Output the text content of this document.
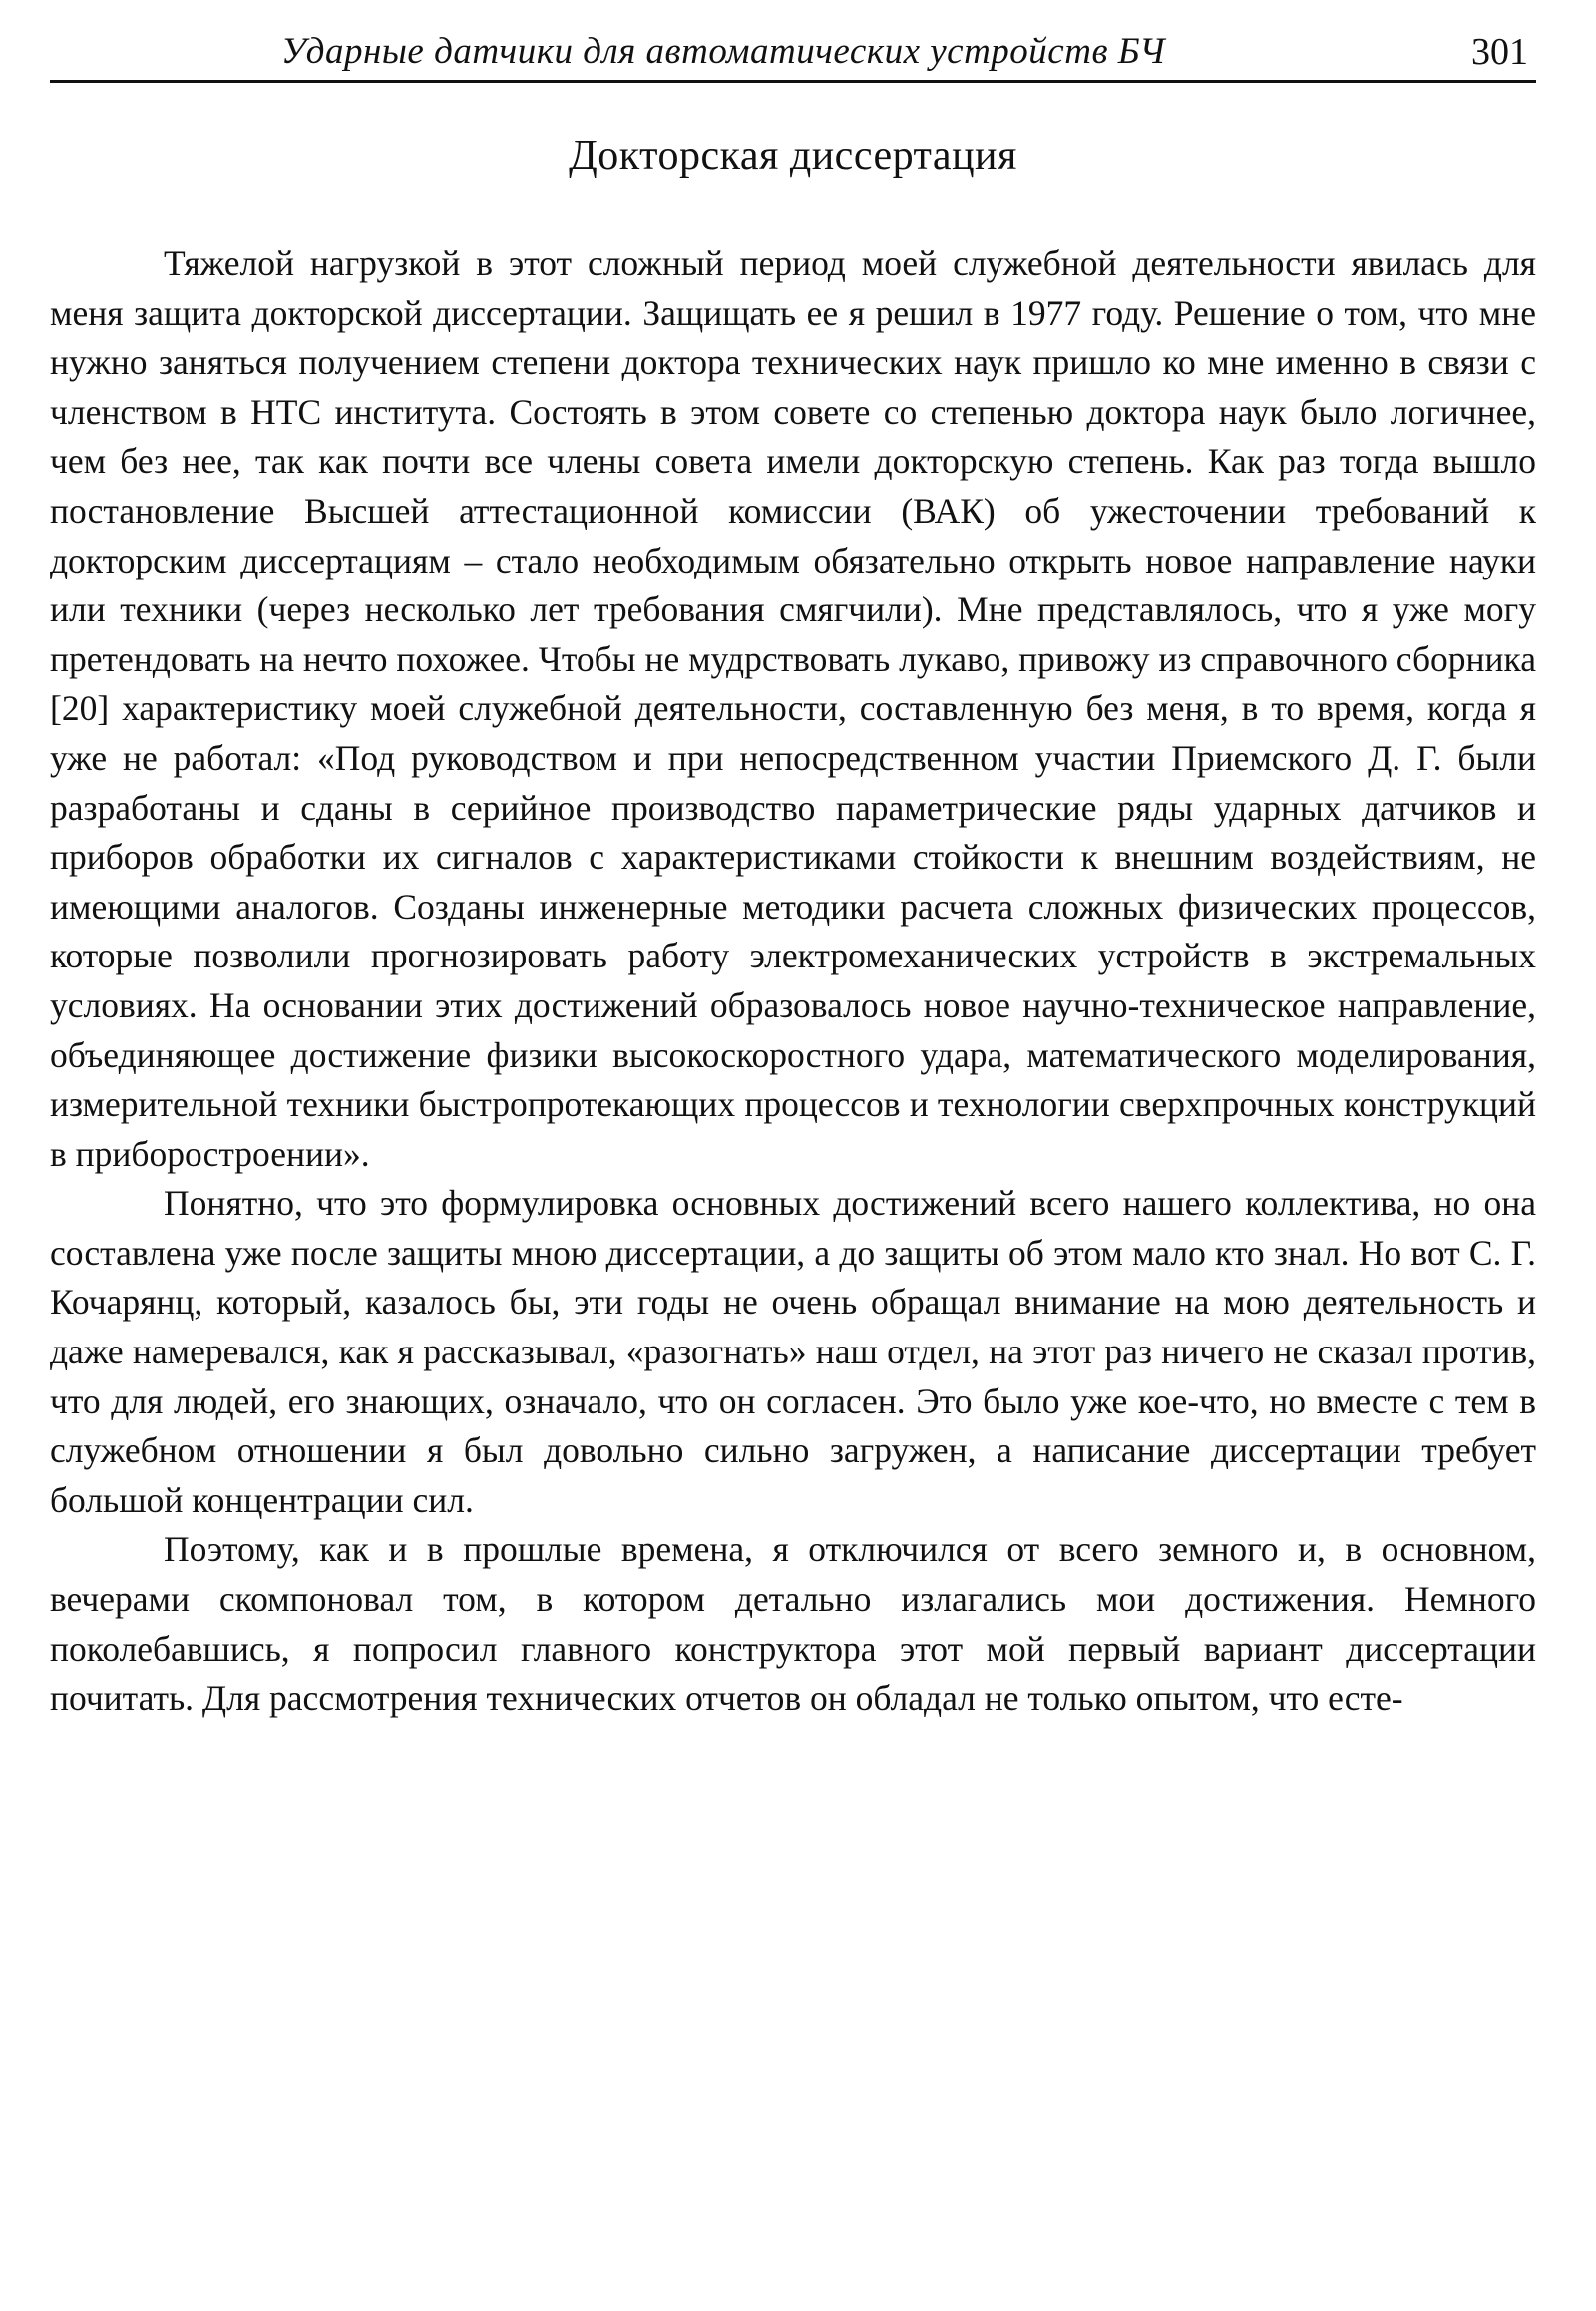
Ударные датчики для автоматических устройств БЧ	301
Докторская диссертация

Тяжелой нагрузкой в этот сложный период моей служебной деятельности явилась для меня защита докторской диссертации. Защищать ее я решил в 1977 году. Решение о том, что мне нужно заняться получением степени доктора технических наук пришло ко мне именно в связи с членством в НТС института. Состоять в этом совете со степенью доктора наук было логичнее, чем без нее, так как почти все члены совета имели докторскую степень. Как раз тогда вышло постановление Высшей аттестационной комиссии (ВАК) об ужесточении требований к докторским диссертациям – стало необходимым обязательно открыть новое направление науки или техники (через несколько лет требования смягчили). Мне представлялось, что я уже могу претендовать на нечто похожее. Чтобы не мудрствовать лукаво, привожу из справочного сборника [20] характеристику моей служебной деятельности, составленную без меня, в то время, когда я уже не работал: «Под руководством и при непосредственном участии Приемского Д. Г. были разработаны и сданы в серийное производство параметрические ряды ударных датчиков и приборов обработки их сигналов с характеристиками стойкости к внешним воздействиям, не имеющими аналогов. Созданы инженерные методики расчета сложных физических процессов, которые позволили прогнозировать работу электромеханических устройств в экстремальных условиях. На основании этих достижений образовалось новое научно-техническое направление, объединяющее достижение физики высокоскоростного удара, математического моделирования, измерительной техники быстропротекающих процессов и технологии сверхпрочных конструкций в приборостроении».

Понятно, что это формулировка основных достижений всего нашего коллектива, но она составлена уже после защиты мною диссертации, а до защиты об этом мало кто знал. Но вот С. Г. Кочарянц, который, казалось бы, эти годы не очень обращал внимание на мою деятельность и даже намеревался, как я рассказывал, «разогнать» наш отдел, на этот раз ничего не сказал против, что для людей, его знающих, означало, что он согласен. Это было уже кое-что, но вместе с тем в служебном отношении я был довольно сильно загружен, а написание диссертации требует большой концентрации сил.

Поэтому, как и в прошлые времена, я отключился от всего земного и, в основном, вечерами скомпоновал том, в котором детально излагались мои достижения. Немного поколебавшись, я попросил главного конструктора этот мой первый вариант диссертации почитать. Для рассмотрения технических отчетов он обладал не только опытом, что есте-
